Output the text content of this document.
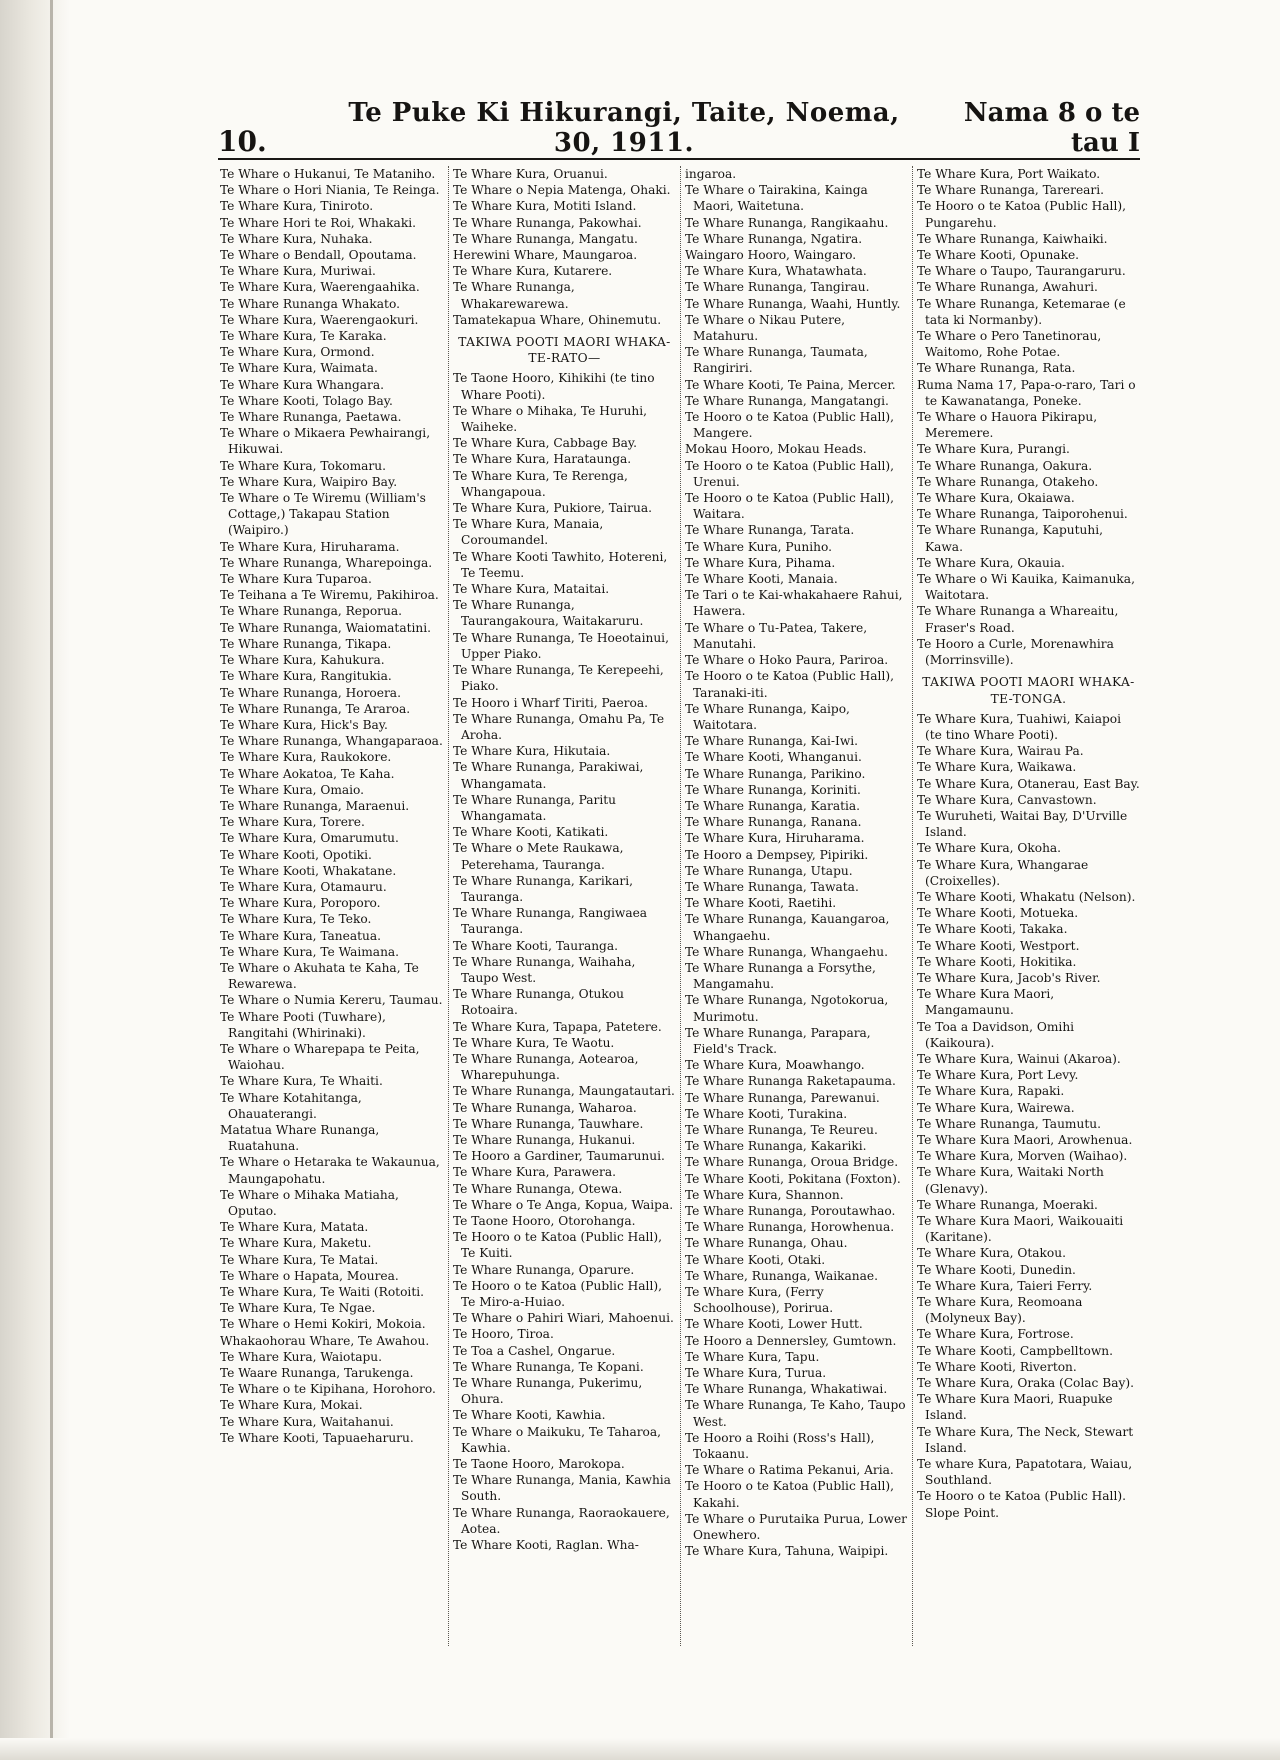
10.
Te Puke Ki Hikurangi, Taite, Noema, 30, 1911.
Nama 8 o te tau I
Te Whare o Hukanui, Te Mataniho.
Te Whare o Hori Niania, Te Reinga.
Te Whare Kura, Tiniroto.
Te Whare Hori te Roi, Whakaki.
Te Whare Kura, Nuhaka.
Te Whare o Bendall, Opoutama.
Te Whare Kura, Muriwai.
Te Whare Kura, Waerengaahika.
Te Whare Runanga Whakato.
Te Whare Kura, Waerengaokuri.
Te Whare Kura, Te Karaka.
Te Whare Kura, Ormond.
Te Whare Kura, Waimata.
Te Whare Kura Whangara.
Te Whare Kooti, Tolago Bay.
Te Whare Runanga, Paetawa.
Te Whare o Mikaera Pewhairangi, Hikuwai.
Te Whare Kura, Tokomaru.
Te Whare Kura, Waipiro Bay.
Te Whare o Te Wiremu (William's Cottage,) Takapau Station (Waipiro.)
Te Whare Kura, Hiruharama.
Te Whare Runanga, Wharepoinga.
Te Whare Kura Tuparoa.
Te Teihana a Te Wiremu, Pakihiroa.
Te Whare Runanga, Reporua.
Te Whare Runanga, Waiomatatini.
Te Whare Runanga, Tikapa.
Te Whare Kura, Kahukura.
Te Whare Kura, Rangitukia.
Te Whare Runanga, Horoera.
Te Whare Runanga, Te Araroa.
Te Whare Kura, Hick's Bay.
Te Whare Runanga, Whangaparaoa.
Te Whare Kura, Raukokore.
Te Whare Aokatoa, Te Kaha.
Te Whare Kura, Omaio.
Te Whare Runanga, Maraenui.
Te Whare Kura, Torere.
Te Whare Kura, Omarumutu.
Te Whare Kooti, Opotiki.
Te Whare Kooti, Whakatane.
Te Whare Kura, Otamauru.
Te Whare Kura, Poroporo.
Te Whare Kura, Te Teko.
Te Whare Kura, Taneatua.
Te Whare Kura, Te Waimana.
Te Whare o Akuhata te Kaha, Te Rewarewa.
Te Whare o Numia Kereru, Taumau.
Te Whare Pooti (Tuwhare), Rangitahi (Whirinaki).
Te Whare o Wharepapa te Peita, Waiohau.
Te Whare Kura, Te Whaiti.
Te Whare Kotahitanga, Ohauaterangi.
Matatua Whare Runanga, Ruatahuna.
Te Whare o Hetaraka te Wakaunua, Maungapohatu.
Te Whare o Mihaka Matiaha, Oputao.
Te Whare Kura, Matata.
Te Whare Kura, Maketu.
Te Whare Kura, Te Matai.
Te Whare o Hapata, Mourea.
Te Whare Kura, Te Waiti (Rotoiti.
Te Whare Kura, Te Ngae.
Te Whare o Hemi Kokiri, Mokoia.
Whakaohorau Whare, Te Awahou.
Te Whare Kura, Waiotapu.
Te Waare Runanga, Tarukenga.
Te Whare o te Kipihana, Horohoro.
Te Whare Kura, Mokai.
Te Whare Kura, Waitahanui.
Te Whare Kooti, Tapuaeharuru.
Te Whare Kura, Oruanui.
Te Whare o Nepia Matenga, Ohaki.
Te Whare Kura, Motiti Island.
Te Whare Runanga, Pakowhai.
Te Whare Runanga, Mangatu.
Herewini Whare, Maungaroa.
Te Whare Kura, Kutarere.
Te Whare Runanga, Whakarewarewa.
Tamatekapua Whare, Ohinemutu.
TAKIWA POOTI MAORI WHAKA-TE-RATO—
Te Taone Hooro, Kihikihi (te tino Whare Pooti).
Te Whare o Mihaka, Te Huruhi, Waiheke.
Te Whare Kura, Cabbage Bay.
Te Whare Kura, Harataunga.
Te Whare Kura, Te Rerenga, Whangapoua.
Te Whare Kura, Pukiore, Tairua.
Te Whare Kura, Manaia, Coroumandel.
Te Whare Kooti Tawhito, Hotereni, Te Teemu.
Te Whare Kura, Mataitai.
Te Whare Runanga, Taurangakoura, Waitakaruru.
Te Whare Runanga, Te Hoeotainui, Upper Piako.
Te Whare Runanga, Te Kerepeehi, Piako.
Te Hooro i Wharf Tiriti, Paeroa.
Te Whare Runanga, Omahu Pa, Te Aroha.
Te Whare Kura, Hikutaia.
Te Whare Runanga, Parakiwai, Whangamata.
Te Whare Runanga, Paritu Whangamata.
Te Whare Kooti, Katikati.
Te Whare o Mete Raukawa, Peterehama, Tauranga.
Te Whare Runanga, Karikari, Tauranga.
Te Whare Runanga, Rangiwaea Tauranga.
Te Whare Kooti, Tauranga.
Te Whare Runanga, Waihaha, Taupo West.
Te Whare Runanga, Otukou Rotoaira.
Te Whare Kura, Tapapa, Patetere.
Te Whare Kura, Te Waotu.
Te Whare Runanga, Aotearoa, Wharepuhunga.
Te Whare Runanga, Maungatautari.
Te Whare Runanga, Waharoa.
Te Whare Runanga, Tauwhare.
Te Whare Runanga, Hukanui.
Te Hooro a Gardiner, Taumarunui.
Te Whare Kura, Parawera.
Te Whare Runanga, Otewa.
Te Whare o Te Anga, Kopua, Waipa.
Te Taone Hooro, Otorohanga.
Te Hooro o te Katoa (Public Hall), Te Kuiti.
Te Whare Runanga, Oparure.
Te Hooro o te Katoa (Public Hall), Te Miro-a-Huiao.
Te Whare o Pahiri Wiari, Mahoenui.
Te Hooro, Tiroa.
Te Toa a Cashel, Ongarue.
Te Whare Runanga, Te Kopani.
Te Whare Runanga, Pukerimu, Ohura.
Te Whare Kooti, Kawhia.
Te Whare o Maikuku, Te Taharoa, Kawhia.
Te Taone Hooro, Marokopa.
Te Whare Runanga, Mania, Kawhia South.
Te Whare Runanga, Raoraokauere, Aotea.
Te Whare Kooti, Raglan. Wha-
ingaroa.
Te Whare o Tairakina, Kainga Maori, Waitetuna.
Te Whare Runanga, Rangikaahu.
Te Whare Runanga, Ngatira.
Waingaro Hooro, Waingaro.
Te Whare Kura, Whatawhata.
Te Whare Runanga, Tangirau.
Te Whare Runanga, Waahi, Huntly.
Te Whare o Nikau Putere, Matahuru.
Te Whare Runanga, Taumata, Rangiriri.
Te Whare Kooti, Te Paina, Mercer.
Te Whare Runanga, Mangatangi.
Te Hooro o te Katoa (Public Hall), Mangere.
Mokau Hooro, Mokau Heads.
Te Hooro o te Katoa (Public Hall), Urenui.
Te Hooro o te Katoa (Public Hall), Waitara.
Te Whare Runanga, Tarata.
Te Whare Kura, Puniho.
Te Whare Kura, Pihama.
Te Whare Kooti, Manaia.
Te Tari o te Kai-whakahaere Rahui, Hawera.
Te Whare o Tu-Patea, Takere, Manutahi.
Te Whare o Hoko Paura, Pariroa.
Te Hooro o te Katoa (Public Hall), Taranaki-iti.
Te Whare Runanga, Kaipo, Waitotara.
Te Whare Runanga, Kai-Iwi.
Te Whare Kooti, Whanganui.
Te Whare Runanga, Parikino.
Te Whare Runanga, Koriniti.
Te Whare Runanga, Karatia.
Te Whare Runanga, Ranana.
Te Whare Kura, Hiruharama.
Te Hooro a Dempsey, Pipiriki.
Te Whare Runanga, Utapu.
Te Whare Runanga, Tawata.
Te Whare Kooti, Raetihi.
Te Whare Runanga, Kauangaroa, Whangaehu.
Te Whare Runanga, Whangaehu.
Te Whare Runanga a Forsythe, Mangamahu.
Te Whare Runanga, Ngotokorua, Murimotu.
Te Whare Runanga, Parapara, Field's Track.
Te Whare Kura, Moawhango.
Te Whare Runanga Raketapauma.
Te Whare Runanga, Parewanui.
Te Whare Kooti, Turakina.
Te Whare Runanga, Te Reureu.
Te Whare Runanga, Kakariki.
Te Whare Runanga, Oroua Bridge.
Te Whare Kooti, Pokitana (Foxton).
Te Whare Kura, Shannon.
Te Whare Runanga, Poroutawhao.
Te Whare Runanga, Horowhenua.
Te Whare Runanga, Ohau.
Te Whare Kooti, Otaki.
Te Whare, Runanga, Waikanae.
Te Whare Kura, (Ferry Schoolhouse), Porirua.
Te Whare Kooti, Lower Hutt.
Te Hooro a Dennersley, Gumtown.
Te Whare Kura, Tapu.
Te Whare Kura, Turua.
Te Whare Runanga, Whakatiwai.
Te Whare Runanga, Te Kaho, Taupo West.
Te Hooro a Roihi (Ross's Hall), Tokaanu.
Te Whare o Ratima Pekanui, Aria.
Te Hooro o te Katoa (Public Hall), Kakahi.
Te Whare o Purutaika Purua, Lower Onewhero.
Te Whare Kura, Tahuna, Waipipi.
Te Whare Kura, Port Waikato.
Te Whare Runanga, Tarereari.
Te Hooro o te Katoa (Public Hall), Pungarehu.
Te Whare Runanga, Kaiwhaiki.
Te Whare Kooti, Opunake.
Te Whare o Taupo, Taurangaruru.
Te Whare Runanga, Awahuri.
Te Whare Runanga, Ketemarae (e tata ki Normanby).
Te Whare o Pero Tanetinorau, Waitomo, Rohe Potae.
Te Whare Runanga, Rata.
Ruma Nama 17, Papa-o-raro, Tari o te Kawanatanga, Poneke.
Te Whare o Hauora Pikirapu, Meremere.
Te Whare Kura, Purangi.
Te Whare Runanga, Oakura.
Te Whare Runanga, Otakeho.
Te Whare Kura, Okaiawa.
Te Whare Runanga, Taiporohenui.
Te Whare Runanga, Kaputuhi, Kawa.
Te Whare Kura, Okauia.
Te Whare o Wi Kauika, Kaimanuka, Waitotara.
Te Whare Runanga a Whareaitu, Fraser's Road.
Te Hooro a Curle, Morenawhira (Morrinsville).
TAKIWA POOTI MAORI WHAKA-TE-TONGA.
Te Whare Kura, Tuahiwi, Kaiapoi (te tino Whare Pooti).
Te Whare Kura, Wairau Pa.
Te Whare Kura, Waikawa.
Te Whare Kura, Otanerau, East Bay.
Te Whare Kura, Canvastown.
Te Wuruheti, Waitai Bay, D'Urville Island.
Te Whare Kura, Okoha.
Te Whare Kura, Whangarae (Croixelles).
Te Whare Kooti, Whakatu (Nelson).
Te Whare Kooti, Motueka.
Te Whare Kooti, Takaka.
Te Whare Kooti, Westport.
Te Whare Kooti, Hokitika.
Te Whare Kura, Jacob's River.
Te Whare Kura Maori, Mangamaunu.
Te Toa a Davidson, Omihi (Kaikoura).
Te Whare Kura, Wainui (Akaroa).
Te Whare Kura, Port Levy.
Te Whare Kura, Rapaki.
Te Whare Kura, Wairewa.
Te Whare Runanga, Taumutu.
Te Whare Kura Maori, Arowhenua.
Te Whare Kura, Morven (Waihao).
Te Whare Kura, Waitaki North (Glenavy).
Te Whare Runanga, Moeraki.
Te Whare Kura Maori, Waikouaiti (Karitane).
Te Whare Kura, Otakou.
Te Whare Kooti, Dunedin.
Te Whare Kura, Taieri Ferry.
Te Whare Kura, Reomoana (Molyneux Bay).
Te Whare Kura, Fortrose.
Te Whare Kooti, Campbelltown.
Te Whare Kooti, Riverton.
Te Whare Kura, Oraka (Colac Bay).
Te Whare Kura Maori, Ruapuke Island.
Te Whare Kura, The Neck, Stewart Island.
Te whare Kura, Papatotara, Waiau, Southland.
Te Hooro o te Katoa (Public Hall). Slope Point.
